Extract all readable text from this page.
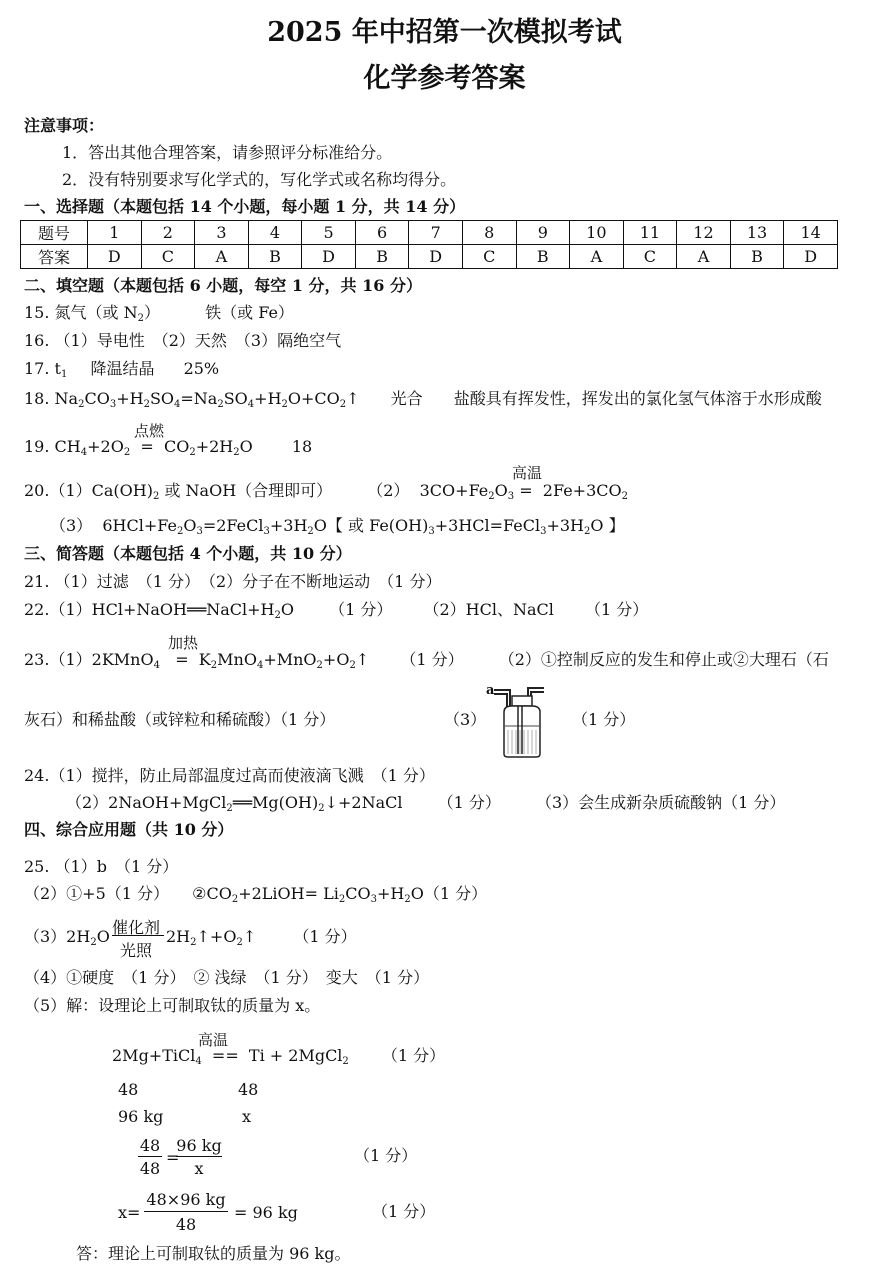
2025 年中招第一次模拟考试
化学参考答案
注意事项：
1．答出其他合理答案，请参照评分标准给分。
2．没有特别要求写化学式的，写化学式或名称均得分。
一、选择题（本题包括 14 个小题，每小题 1 分，共 14 分）
题号	1	2	3	4	5	6	7	8	9	10	11	12	13	14
答案	D	C	A	B	D	B	D	C	B	A	C	A	B	D
二、填空题（本题包括 6 小题，每空 1 分，共 16 分）
15. 氮气（或 $N_2$）	铁（或 Fe）
16. （1）导电性　（2）天然　（3）隔绝空气
17. $t_1$ 降温结晶 25%
18. $Na_2CO_3+H_2SO_4=Na_2SO_4+H_2O+CO_2↑$ 光合 盐酸具有挥发性，挥发出的氯化氢气体溶于水形成酸
点燃
19. $CH_4+2O_2 = CO_2+2H_2O$ 18
高温
$20.(1)Ca(OH)_2$ 或 NaOH（合理即可） （2）  $3CO+Fe_2O_3 = 2Fe+3CO_2$
（3）  $6HCl+Fe_2O_3=2FeCl_3+3H_2O$【 或 $Fe(OH)_3+3HCl=FeCl_3+3H_2O$ 】
三、简答题（本题包括 4 个小题，共 10 分）
21. （1）过滤　（1 分）　（2）分子在不断地运动　（1 分）
$22.(1)HCl+NaOH══NaCl+H_2O$ （1 分） （2）HCl、NaCl （1 分）
加热
23.（1）2KMnO$_4$   =  $K_2MnO_4+MnO_2+O_2↑$ （1 分） （2）①控制反应的发生和停止或②大理石（石
灰石）和稀盐酸（或锌粒和稀硫酸）（1 分）	（3）
a
（1 分）
24.（1）搅拌，防止局部温度过高而使液滴飞溅　（1 分）
$(2)2NaOH+MgCl_2══Mg(OH)_2↓+2NaCl$ （1 分） （3）会生成新杂质硫酸钠（1 分）
四、综合应用题（共 10 分）
25. （1）b　（1 分）
（2）①+5（1 分） $②CO_2+2LiOH= Li_2CO_3+H_2O(1$ 分）
$(3)2H_2O$ 催化剂
光照
$2H_2↑+O_2↑$ （1 分）
（4）①硬度　（1 分）　② 浅绿　（1 分）　变大　（1 分）
（5）解：设理论上可制取钛的质量为 x。
高温
2Mg+TiCl$_4$  ==  Ti + 2MgCl$_2$ （1 分）
48	48
96 kg	x
48
48
=
96 kg
x
（1 分）
x=
48×96 kg
48
= 96 kg	（1 分）
答：理论上可制取钛的质量为 96 kg。
